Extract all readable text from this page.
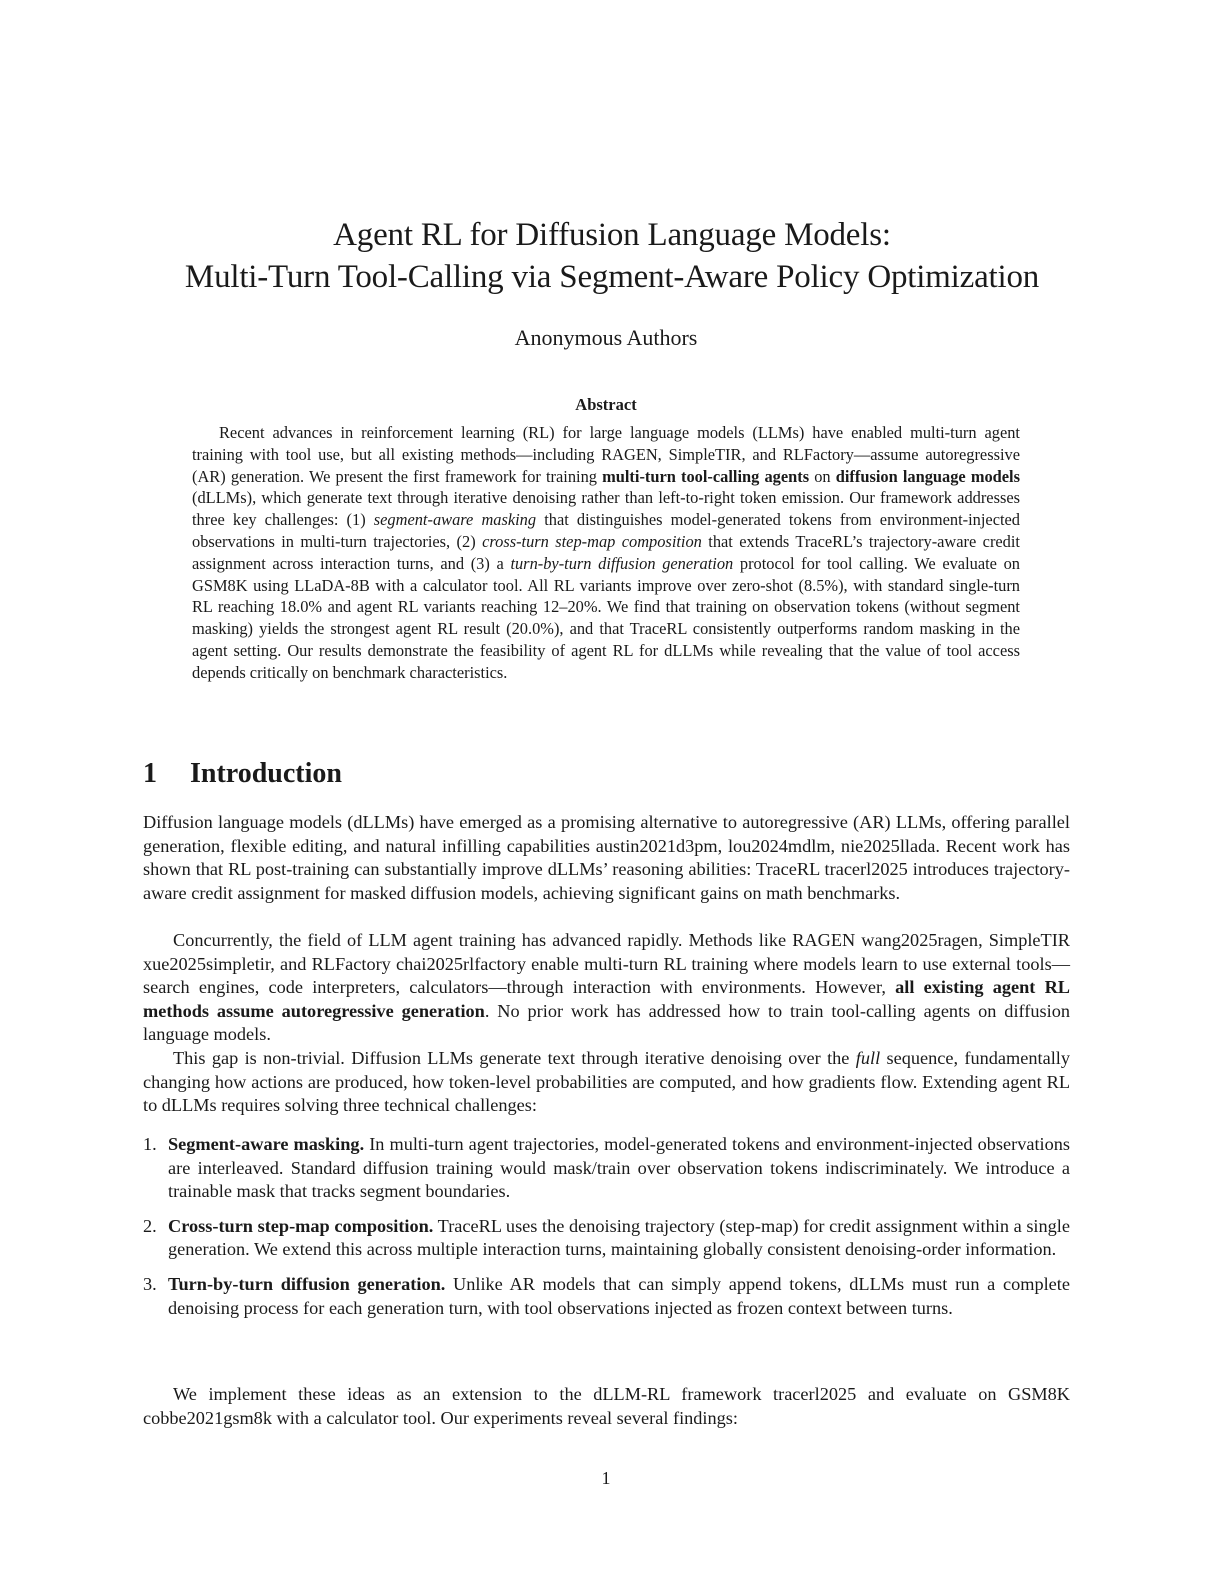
Agent RL for Diffusion Language Models:
Multi-Turn Tool-Calling via Segment-Aware Policy Optimization
Anonymous Authors
Abstract

Recent advances in reinforcement learning (RL) for large language models (LLMs) have enabled multi-turn agent training with tool use, but all existing methods—including RAGEN, SimpleTIR, and RLFactory—assume autoregressive (AR) generation. We present the first framework for training multi-turn tool-calling agents on diffusion language models (dLLMs), which generate text through iterative denoising rather than left-to-right token emission. Our framework addresses three key challenges: (1) segment-aware masking that distinguishes model-generated tokens from environment-injected observations in multi-turn trajectories, (2) cross-turn step-map composition that extends TraceRL’s trajectory-aware credit assignment across interaction turns, and (3) a turn-by-turn diffusion generation protocol for tool calling. We evaluate on GSM8K using LLaDA-8B with a calculator tool. All RL variants improve over zero-shot (8.5%), with standard single-turn RL reaching 18.0% and agent RL variants reaching 12–20%. We find that training on observation tokens (without segment masking) yields the strongest agent RL result (20.0%), and that TraceRL consistently outperforms random masking in the agent setting. Our results demonstrate the feasibility of agent RL for dLLMs while revealing that the value of tool access depends critically on benchmark characteristics.

1 Introduction

Diffusion language models (dLLMs) have emerged as a promising alternative to autoregressive (AR) LLMs, offering parallel generation, flexible editing, and natural infilling capabilities austin2021d3pm, lou2024mdlm, nie2025llada. Recent work has shown that RL post-training can substantially improve dLLMs’ reasoning abilities: TraceRL tracerl2025 introduces trajectory-aware credit assignment for masked diffusion models, achieving significant gains on math benchmarks.

Concurrently, the field of LLM agent training has advanced rapidly. Methods like RAGEN wang2025ragen, SimpleTIR xue2025simpletir, and RLFactory chai2025rlfactory enable multi-turn RL training where models learn to use external tools—search engines, code interpreters, calculators—through interaction with environments. However, all existing agent RL methods assume autoregressive generation. No prior work has addressed how to train tool-calling agents on diffusion language models.

This gap is non-trivial. Diffusion LLMs generate text through iterative denoising over the full sequence, fundamentally changing how actions are produced, how token-level probabilities are computed, and how gradients flow. Extending agent RL to dLLMs requires solving three technical challenges:

1. Segment-aware masking. In multi-turn agent trajectories, model-generated tokens and environment-injected observations are interleaved. Standard diffusion training would mask/train over observation tokens indiscriminately. We introduce a trainable mask that tracks segment boundaries.
2. Cross-turn step-map composition. TraceRL uses the denoising trajectory (step-map) for credit assignment within a single generation. We extend this across multiple interaction turns, maintaining globally consistent denoising-order information.
3. Turn-by-turn diffusion generation. Unlike AR models that can simply append tokens, dLLMs must run a complete denoising process for each generation turn, with tool observations injected as frozen context between turns.

We implement these ideas as an extension to the dLLM-RL framework tracerl2025 and evaluate on GSM8K cobbe2021gsm8k with a calculator tool. Our experiments reveal several findings:

1
